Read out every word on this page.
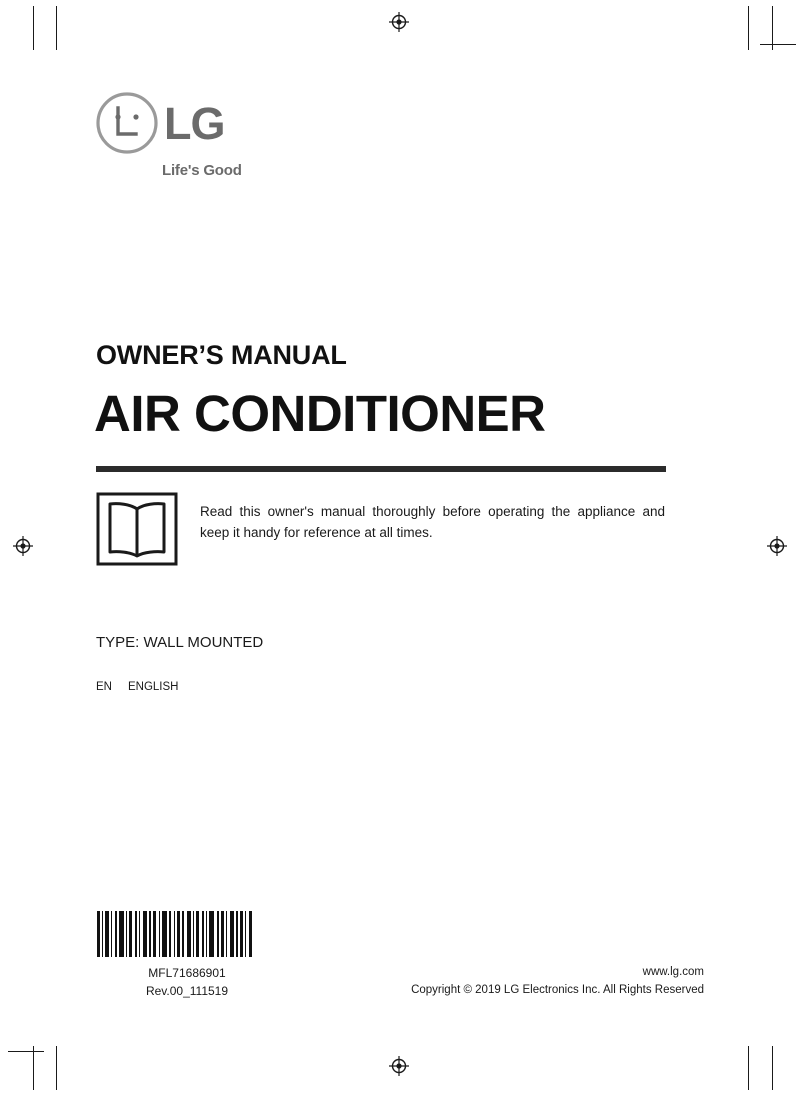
LG
Life's Good
OWNER’S MANUAL
AIR CONDITIONER
Read this owner's manual thoroughly before operating the appliance and keep it handy for reference at all times.
TYPE: WALL MOUNTED
EN ENGLISH
MFL71686901
Rev.00_111519
www.lg.com
Copyright © 2019 LG Electronics Inc. All Rights Reserved
